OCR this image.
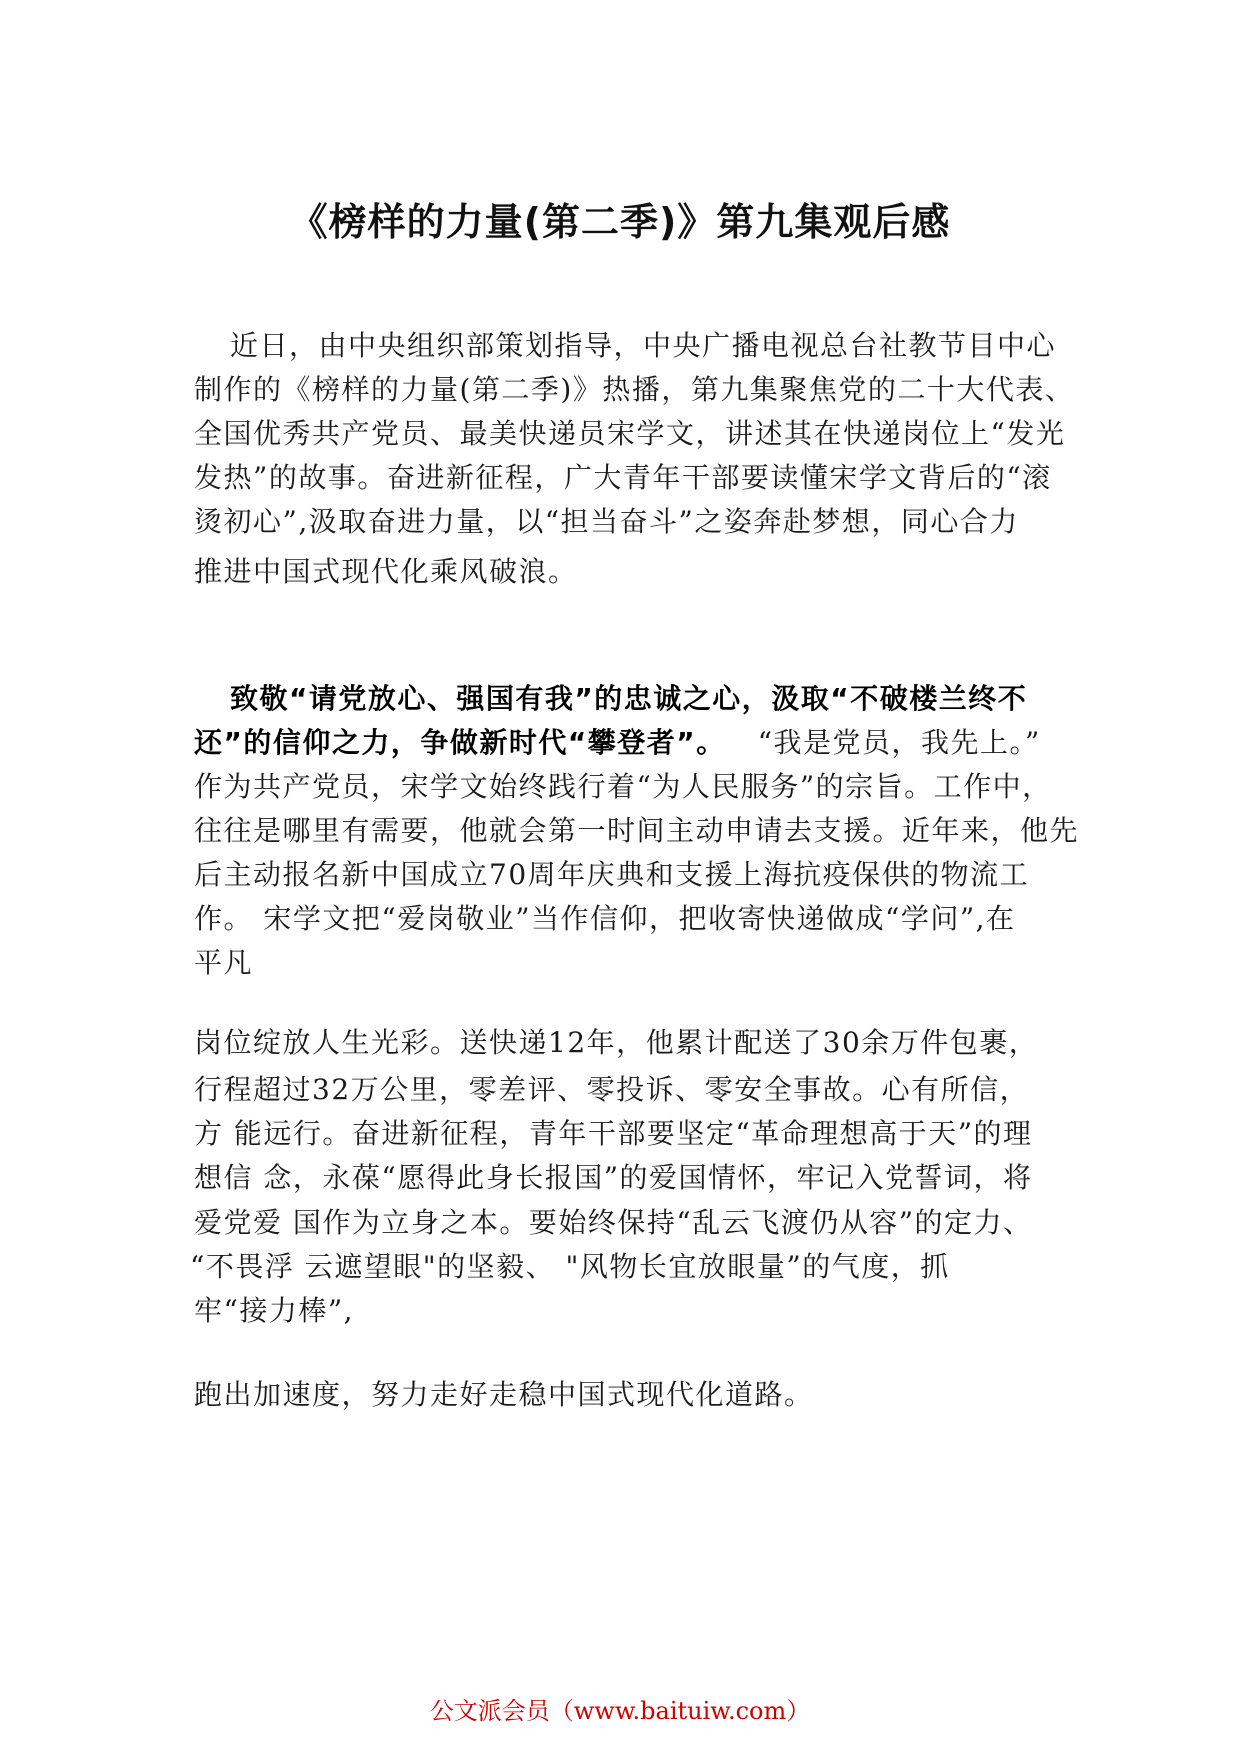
《榜样的力量(第二季)》第九集观后感
近日，由中央组织部策划指导，中央广播电视总台社教节目中心
制作的《榜样的力量(第二季)》热播，第九集聚焦党的二十大代表、
全国优秀共产党员、最美快递员宋学文，讲述其在快递岗位上“发光
发热”的故事。奋进新征程，广大青年干部要读懂宋学文背后的“滚
烫初心”,汲取奋进力量，以“担当奋斗”之姿奔赴梦想，同心合力
推进中国式现代化乘风破浪。
致敬“请党放心、强国有我”的忠诚之心，汲取“不破楼兰终不
还”的信仰之力，争做新时代“攀登者”。 “我是党员，我先上。”
作为共产党员，宋学文始终践行着“为人民服务”的宗旨。工作中，
往往是哪里有需要，他就会第一时间主动申请去支援。近年来，他先
后主动报名新中国成立70周年庆典和支援上海抗疫保供的物流工
作。 宋学文把“爱岗敬业”当作信仰，把收寄快递做成“学问”,在
平凡
岗位绽放人生光彩。送快递12年，他累计配送了30余万件包裹，
行程超过32万公里，零差评、零投诉、零安全事故。心有所信，
方 能远行。奋进新征程，青年干部要坚定“革命理想高于天”的理
想信 念，永葆“愿得此身长报国”的爱国情怀，牢记入党誓词，将
爱党爱 国作为立身之本。要始终保持“乱云飞渡仍从容”的定力、
“不畏浮 云遮望眼"的坚毅、 "风物长宜放眼量”的气度，抓
牢“接力棒”,
跑出加速度，努力走好走稳中国式现代化道路。
公文派会员（www.baituiw.com）
